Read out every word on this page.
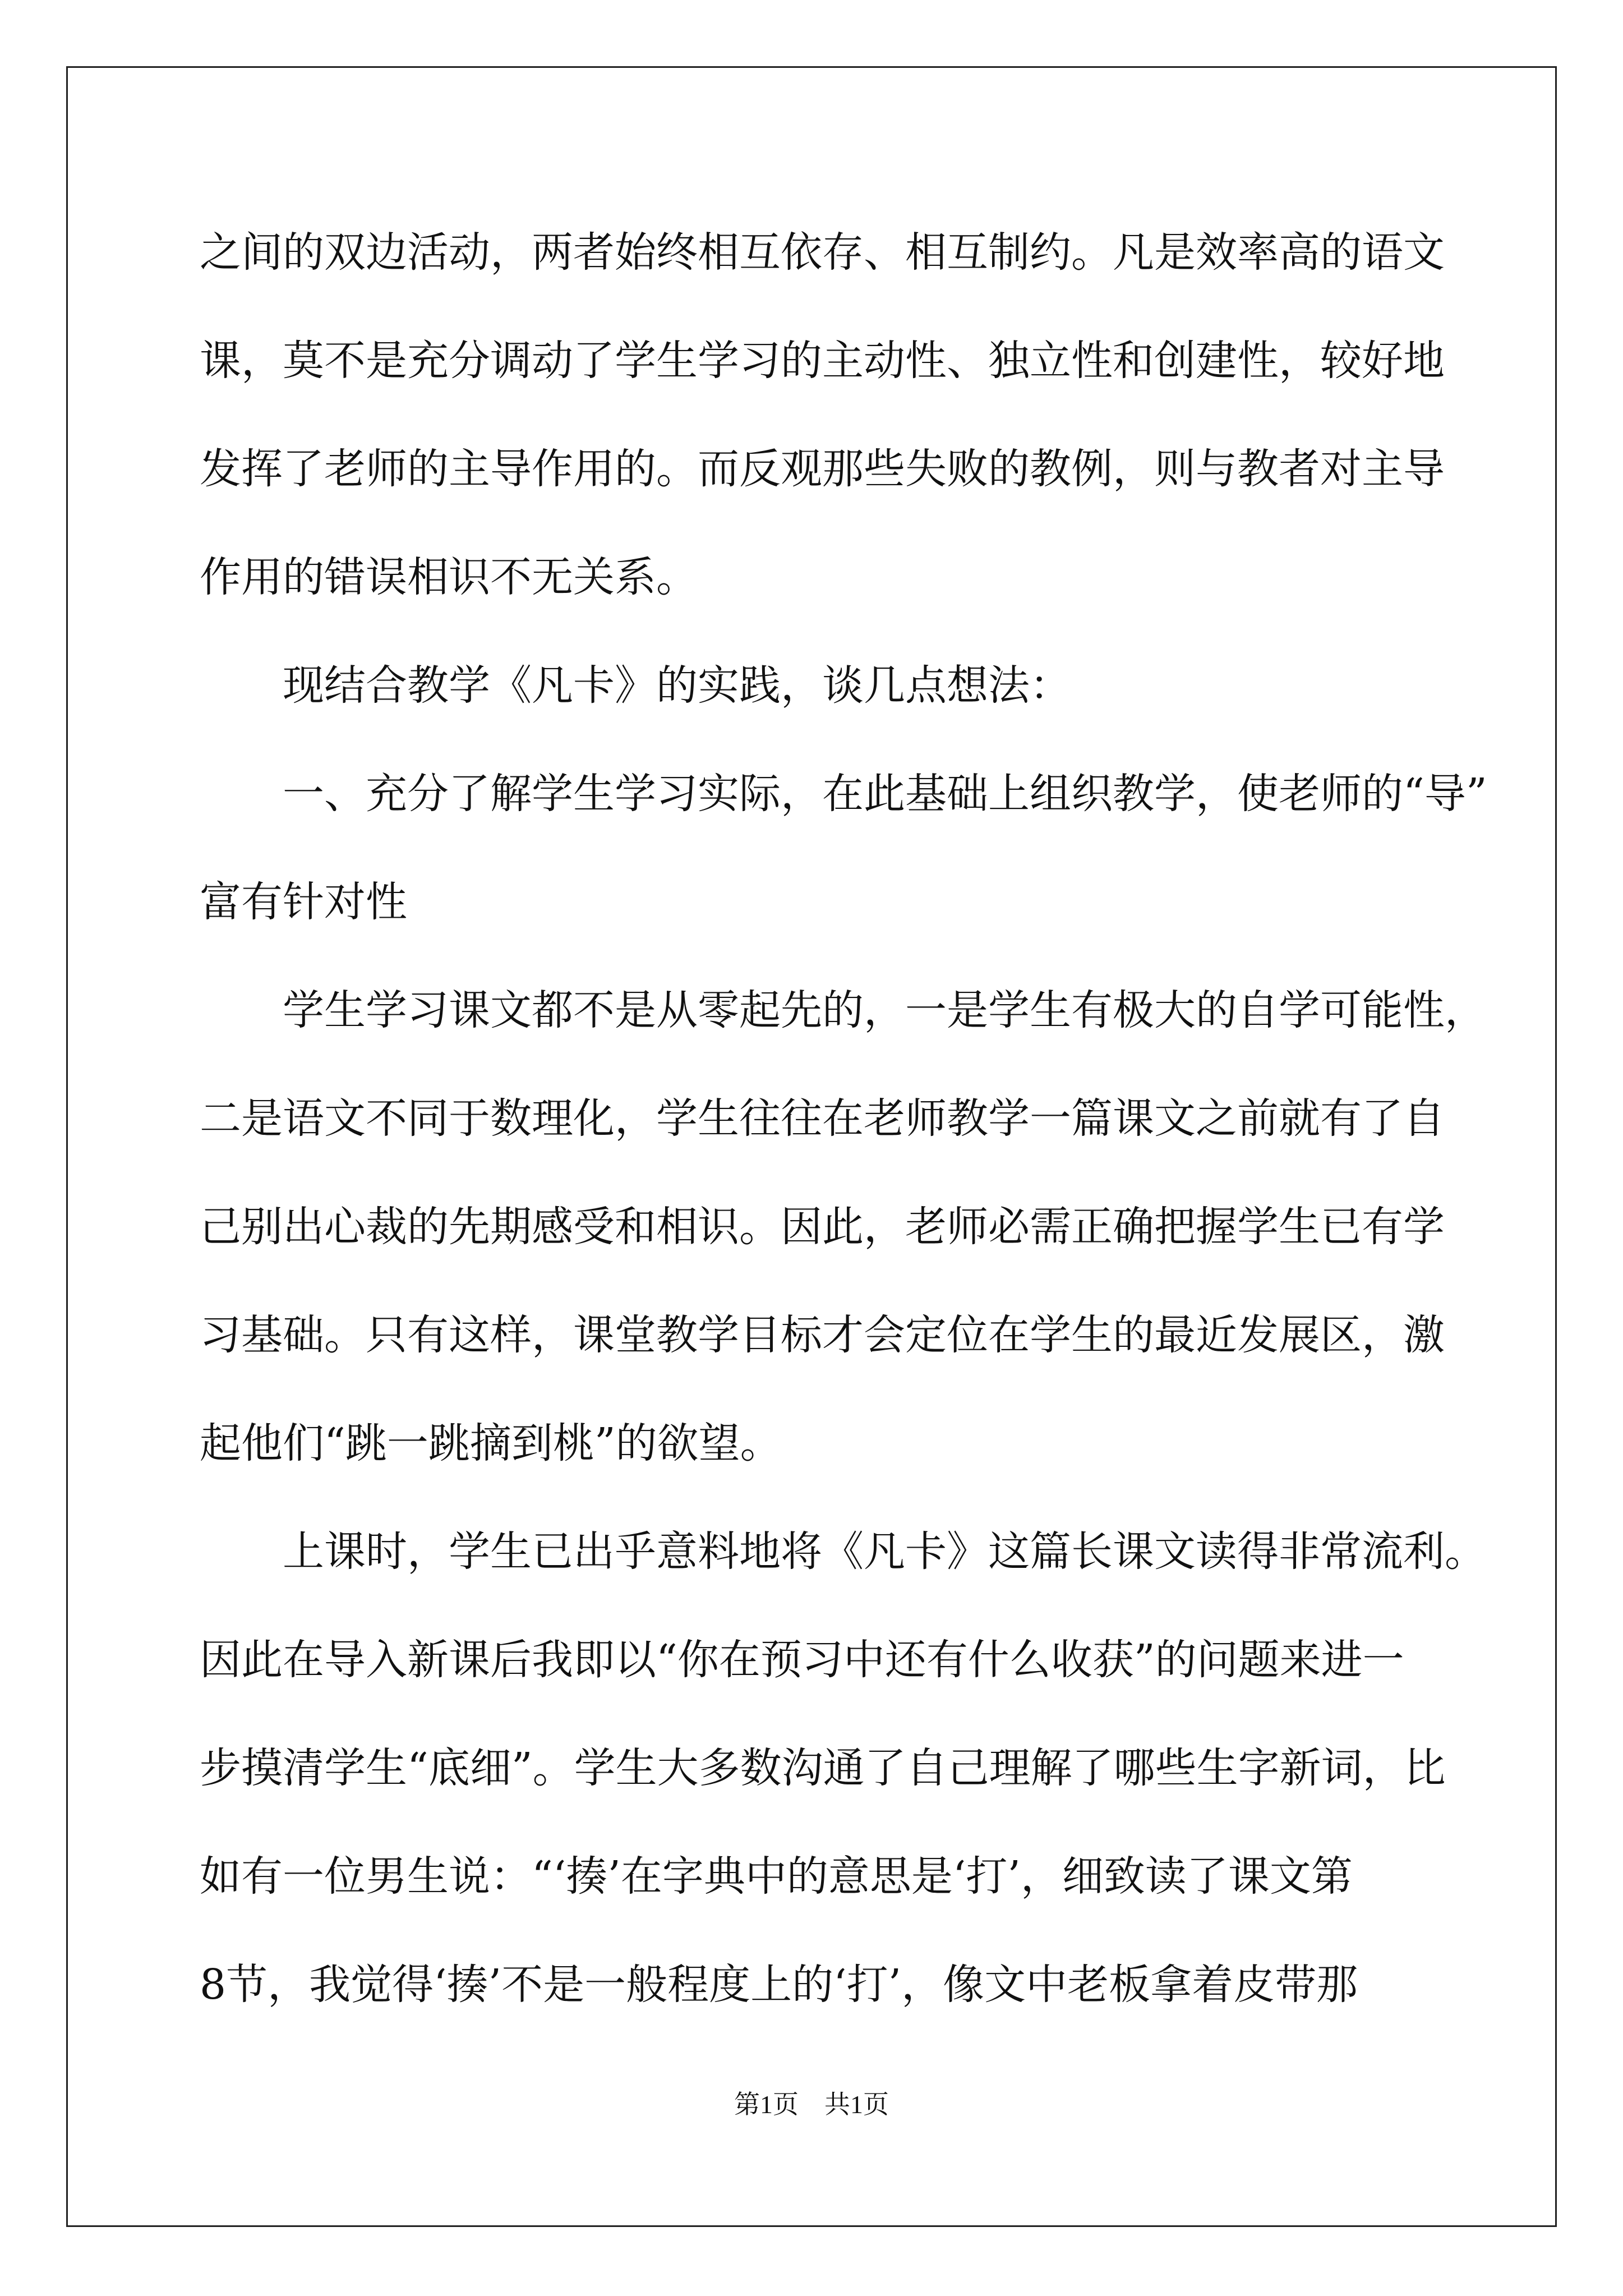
之间的双边活动，两者始终相互依存、相互制约。凡是效率高的语文

课，莫不是充分调动了学生学习的主动性、独立性和创建性，较好地

发挥了老师的主导作用的。而反观那些失败的教例，则与教者对主导

作用的错误相识不无关系。

　　现结合教学《凡卡》的实践，谈几点想法：

　　一、充分了解学生学习实际，在此基础上组织教学，使老师的“导”

富有针对性

　　学生学习课文都不是从零起先的，一是学生有极大的自学可能性，

二是语文不同于数理化，学生往往在老师教学一篇课文之前就有了自

己别出心裁的先期感受和相识。因此，老师必需正确把握学生已有学

习基础。只有这样，课堂教学目标才会定位在学生的最近发展区，激

起他们“跳一跳摘到桃”的欲望。

　　上课时，学生已出乎意料地将《凡卡》这篇长课文读得非常流利。

因此在导入新课后我即以“你在预习中还有什么收获”的问题来进一

步摸清学生“底细”。学生大多数沟通了自己理解了哪些生字新词，比

如有一位男生说：“‘揍’在字典中的意思是‘打’，细致读了课文第

8节，我觉得‘揍’不是一般程度上的‘打’，像文中老板拿着皮带那

第1页　共1页
